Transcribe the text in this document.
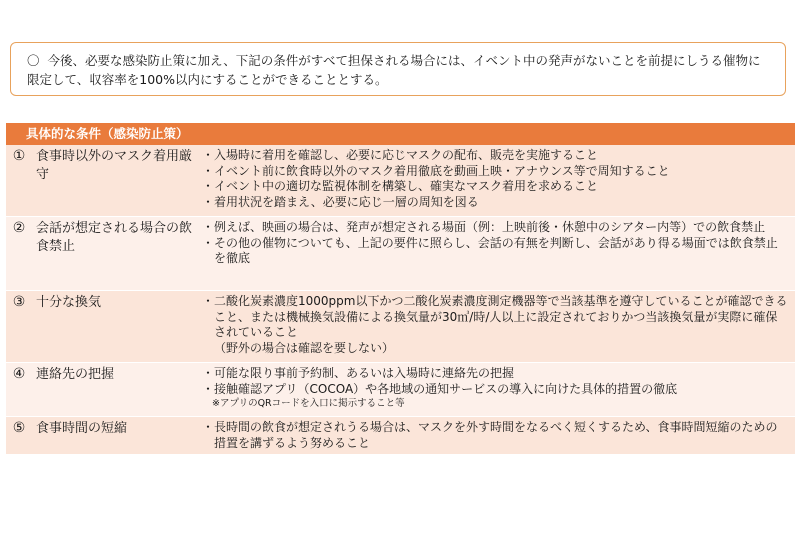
〇 今後、必要な感染防止策に加え、下記の条件がすべて担保される場合には、イベント中の発声がないことを前提にしうる催物に限定して、収容率を100%以内にすることができることとする。
具体的な条件（感染防止策）
① 食事時以外のマスク着用厳守
・ 入場時に着用を確認し、必要に応じマスクの配布、販売を実施すること
・ イベント前に飲食時以外のマスク着用徹底を動画上映・アナウンス等で周知すること
・ イベント中の適切な監視体制を構築し、確実なマスク着用を求めること
・ 着用状況を踏まえ、必要に応じ一層の周知を図る
② 会話が想定される場合の飲食禁止
・ 例えば、映画の場合は、発声が想定される場面（例：上映前後・休憩中のシアター内等）での飲食禁止
・ その他の催物についても、上記の要件に照らし、会話の有無を判断し、会話があり得る場面では飲食禁止を徹底
③ 十分な換気	・ 二酸化炭素濃度1000ppm以下かつ二酸化炭素濃度測定機器等で当該基準を遵守していることが確認できること、または機械換気設備による換気量が30㎥/時/人以上に設定されておりかつ当該換気量が実際に確保されていること
（野外の場合は確認を要しない）
④ 連絡先の把握	・ 可能な限り事前予約制、あるいは入場時に連絡先の把握
・ 接触確認アプリ（COCOA）や各地域の通知サービスの導入に向けた具体的措置の徹底
※アプリのQRコードを入口に掲示すること等
⑤ 食事時間の短縮	・ 長時間の飲食が想定されうる場合は、マスクを外す時間をなるべく短くするため、食事時間短縮のための措置を講ずるよう努めること
